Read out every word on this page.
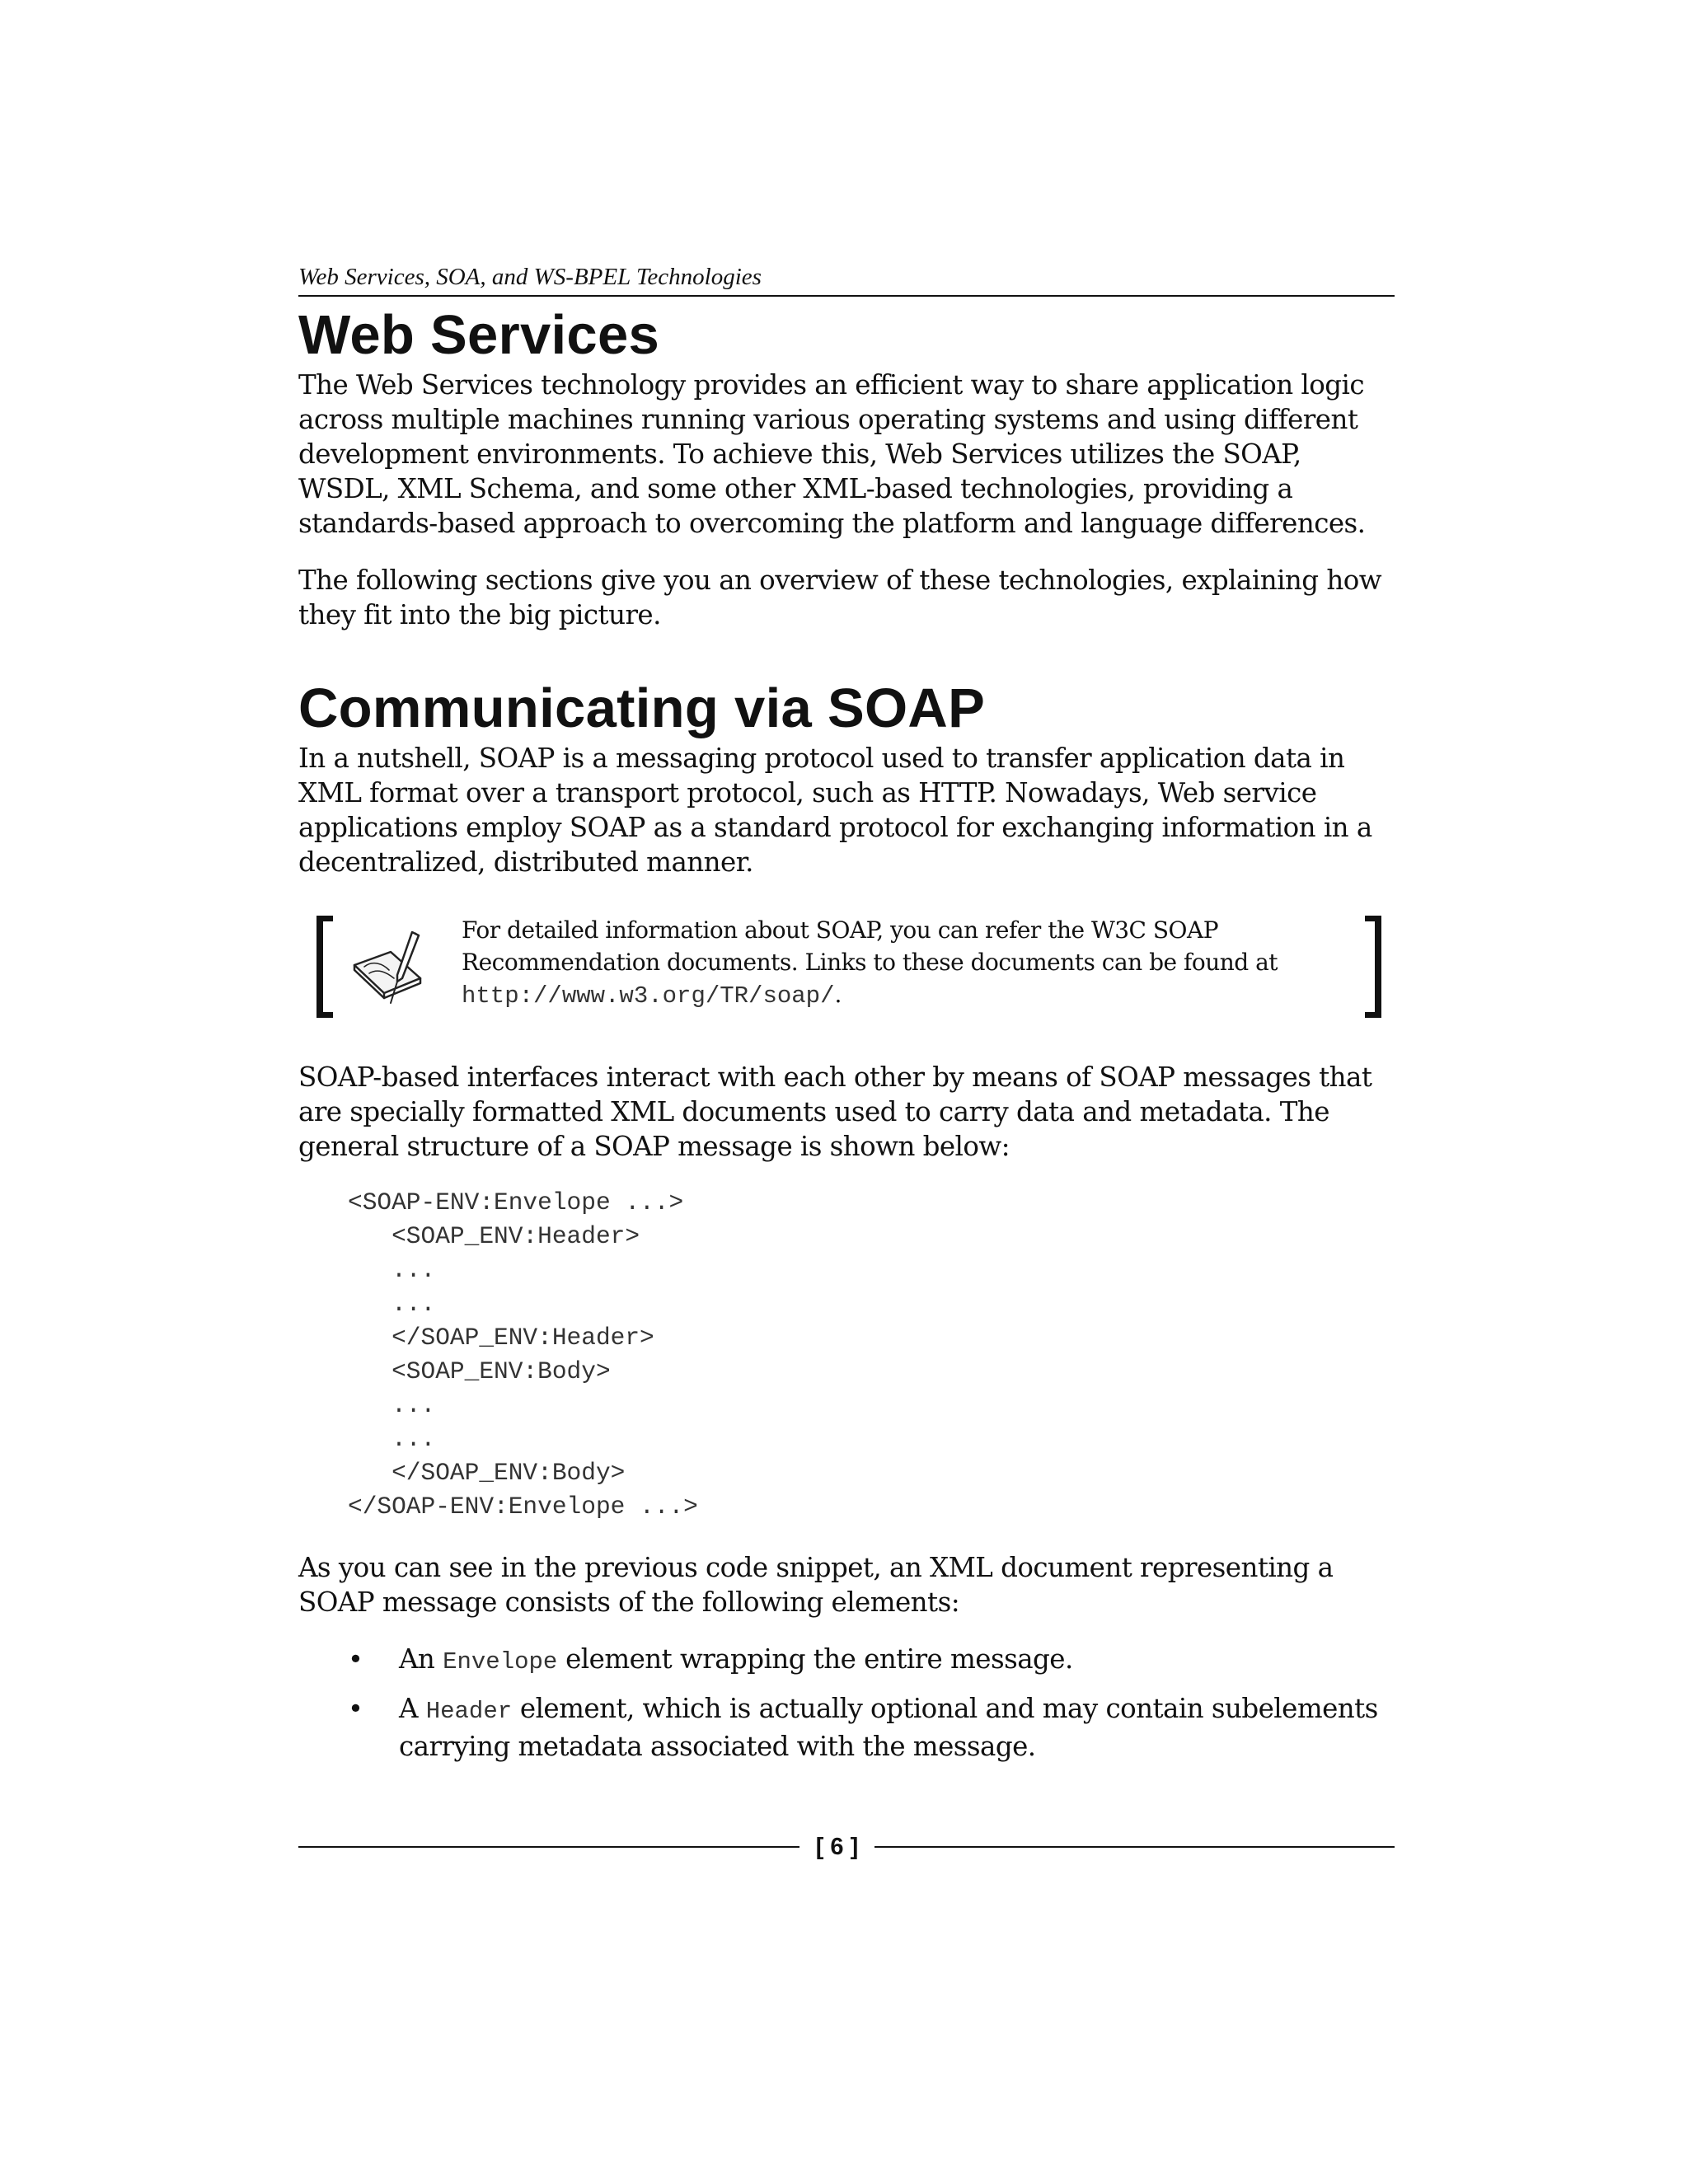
Web Services, SOA, and WS-BPEL Technologies
Web Services

The Web Services technology provides an efficient way to share application logic across multiple machines running various operating systems and using different development environments. To achieve this, Web Services utilizes the SOAP, WSDL, XML Schema, and some other XML-based technologies, providing a standards-based approach to overcoming the platform and language differences.

The following sections give you an overview of these technologies, explaining how they fit into the big picture.

Communicating via SOAP

In a nutshell, SOAP is a messaging protocol used to transfer application data in XML format over a transport protocol, such as HTTP. Nowadays, Web service applications employ SOAP as a standard protocol for exchanging information in a decentralized, distributed manner.

For detailed information about SOAP, you can refer the W3C SOAP Recommendation documents. Links to these documents can be found at http://www.w3.org/TR/soap/.

SOAP-based interfaces interact with each other by means of SOAP messages that are specially formatted XML documents used to carry data and metadata. The general structure of a SOAP message is shown below:

<SOAP-ENV:Envelope ...>
<SOAP_ENV:Header>
...
...
</SOAP_ENV:Header>
<SOAP_ENV:Body>
...
...
</SOAP_ENV:Body>
</SOAP-ENV:Envelope ...>

As you can see in the previous code snippet, an XML document representing a SOAP message consists of the following elements:

• An Envelope element wrapping the entire message.
• A Header element, which is actually optional and may contain subelements carrying metadata associated with the message.
[ 6 ]
